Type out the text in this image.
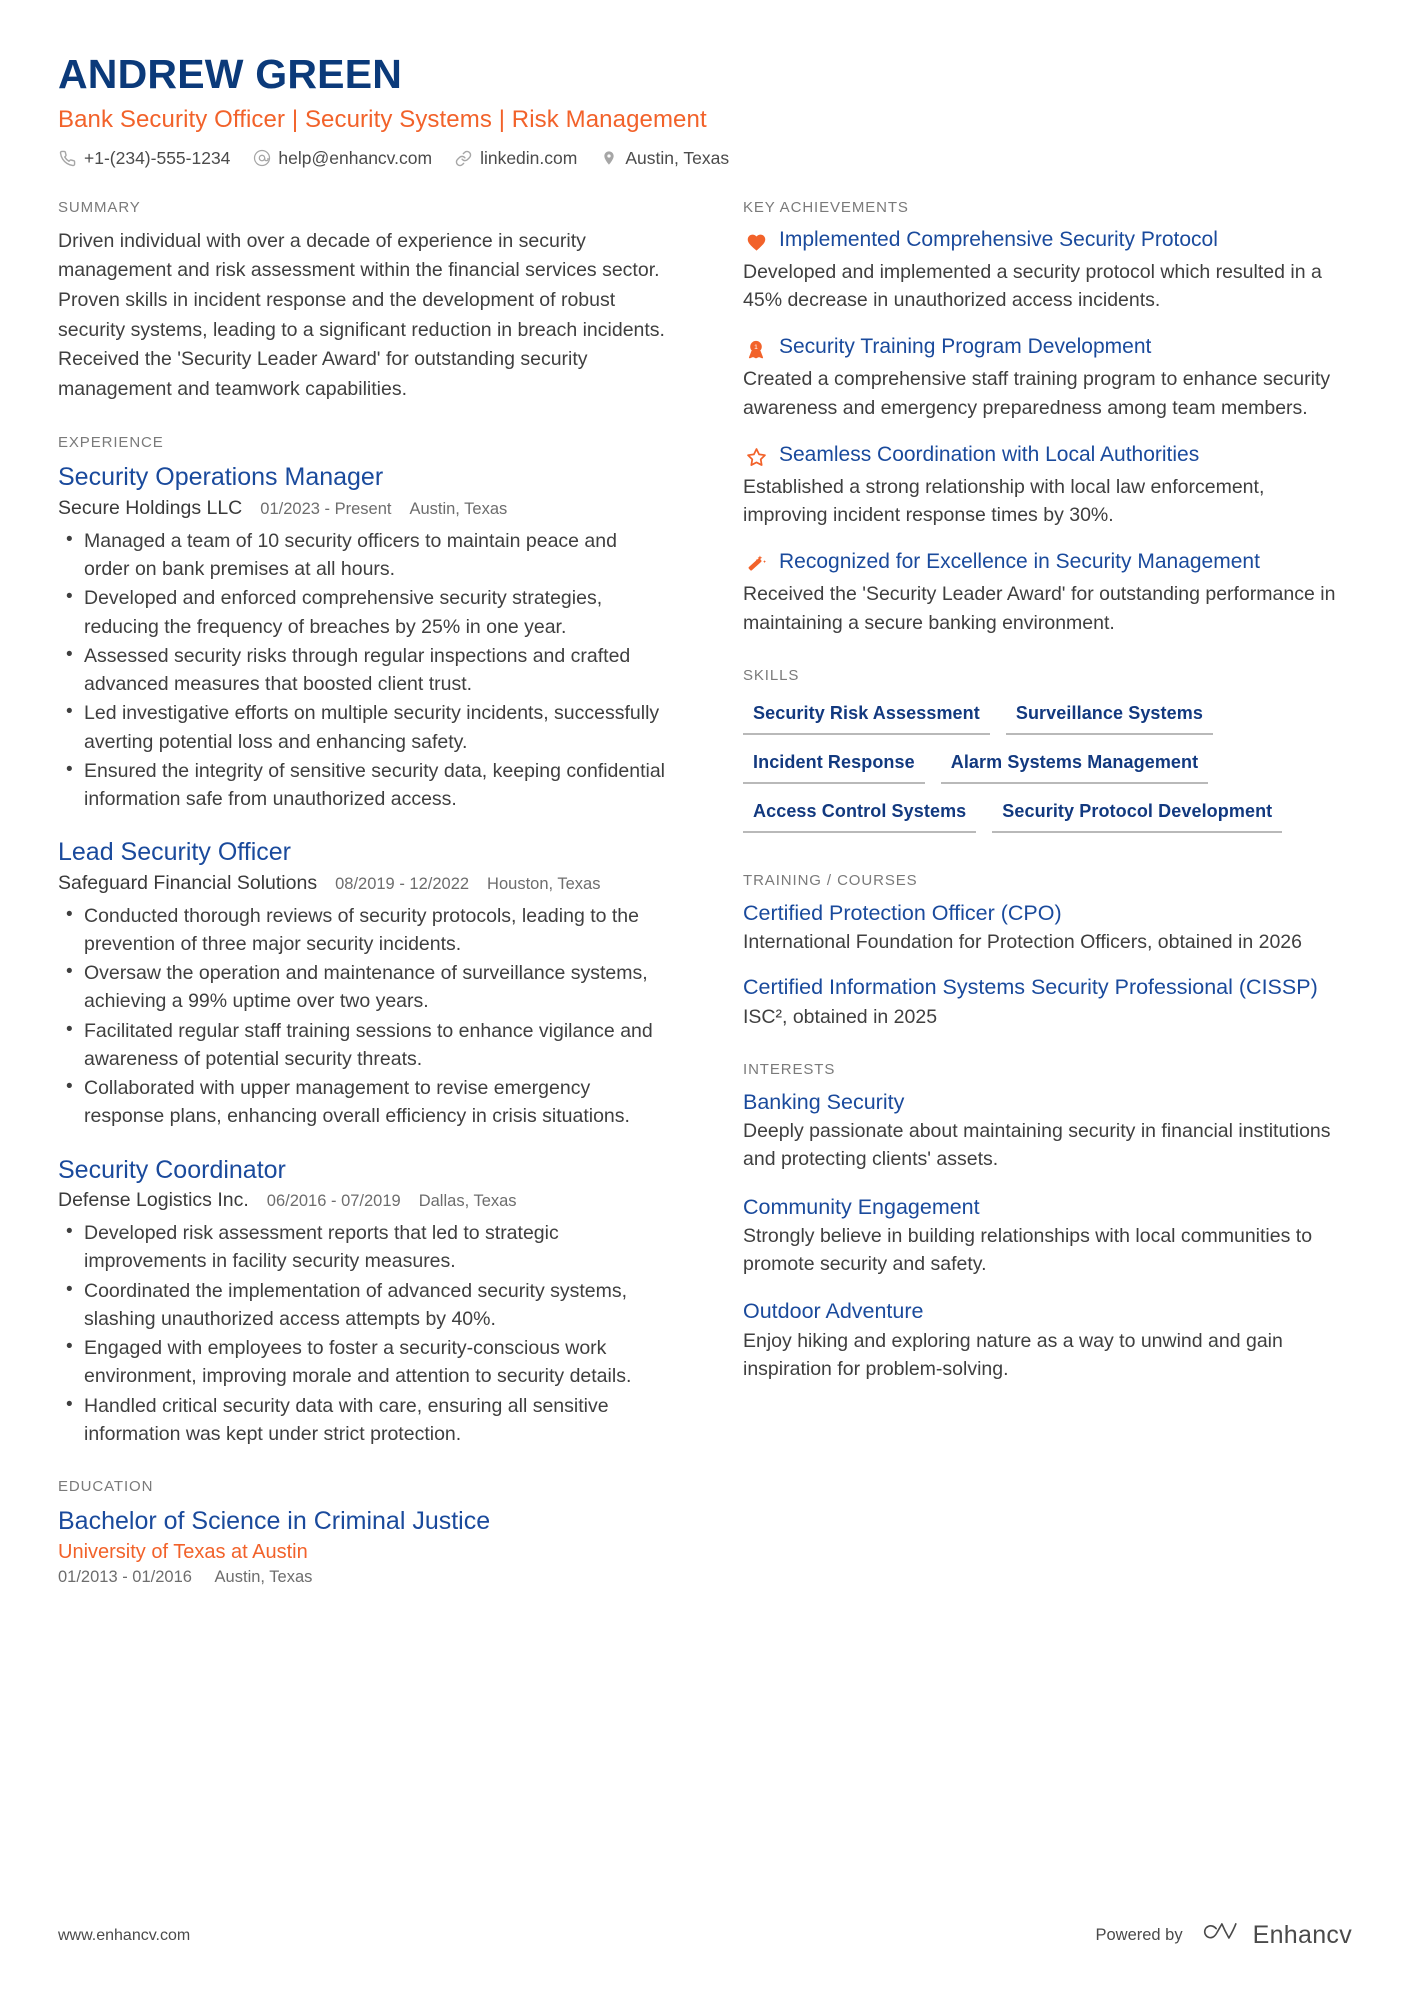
ANDREW GREEN
Bank Security Officer | Security Systems | Risk Management
+1-(234)-555-1234	help@enhancv.com	linkedin.com	Austin, Texas
SUMMARY
Driven individual with over a decade of experience in security management and risk assessment within the financial services sector. Proven skills in incident response and the development of robust security systems, leading to a significant reduction in breach incidents. Received the 'Security Leader Award' for outstanding security management and teamwork capabilities.
EXPERIENCE
Security Operations Manager
Secure Holdings LLC 01/2023 - Present Austin, Texas
• Managed a team of 10 security officers to maintain peace and order on bank premises at all hours.
• Developed and enforced comprehensive security strategies, reducing the frequency of breaches by 25% in one year.
• Assessed security risks through regular inspections and crafted advanced measures that boosted client trust.
• Led investigative efforts on multiple security incidents, successfully averting potential loss and enhancing safety.
• Ensured the integrity of sensitive security data, keeping confidential information safe from unauthorized access.
Lead Security Officer
Safeguard Financial Solutions 08/2019 - 12/2022 Houston, Texas
• Conducted thorough reviews of security protocols, leading to the prevention of three major security incidents.
• Oversaw the operation and maintenance of surveillance systems, achieving a 99% uptime over two years.
• Facilitated regular staff training sessions to enhance vigilance and awareness of potential security threats.
• Collaborated with upper management to revise emergency response plans, enhancing overall efficiency in crisis situations.
Security Coordinator
Defense Logistics Inc. 06/2016 - 07/2019 Dallas, Texas
• Developed risk assessment reports that led to strategic improvements in facility security measures.
• Coordinated the implementation of advanced security systems, slashing unauthorized access attempts by 40%.
• Engaged with employees to foster a security-conscious work environment, improving morale and attention to security details.
• Handled critical security data with care, ensuring all sensitive information was kept under strict protection.
EDUCATION
Bachelor of Science in Criminal Justice
University of Texas at Austin
01/2013 - 01/2016 Austin, Texas
KEY ACHIEVEMENTS
Implemented Comprehensive Security Protocol
Developed and implemented a security protocol which resulted in a 45% decrease in unauthorized access incidents.
1 Security Training Program Development
Created a comprehensive staff training program to enhance security awareness and emergency preparedness among team members.
Seamless Coordination with Local Authorities
Established a strong relationship with local law enforcement, improving incident response times by 30%.
Recognized for Excellence in Security Management
Received the 'Security Leader Award' for outstanding performance in maintaining a secure banking environment.
SKILLS
Security Risk Assessment	Surveillance Systems
Incident Response	Alarm Systems Management
Access Control Systems	Security Protocol Development
TRAINING / COURSES
Certified Protection Officer (CPO)
International Foundation for Protection Officers, obtained in 2026
Certified Information Systems Security Professional (CISSP)
ISC², obtained in 2025
INTERESTS
Banking Security
Deeply passionate about maintaining security in financial institutions and protecting clients' assets.
Community Engagement
Strongly believe in building relationships with local communities to promote security and safety.
Outdoor Adventure
Enjoy hiking and exploring nature as a way to unwind and gain inspiration for problem-solving.
www.enhancv.com	Powered by	Enhancv
